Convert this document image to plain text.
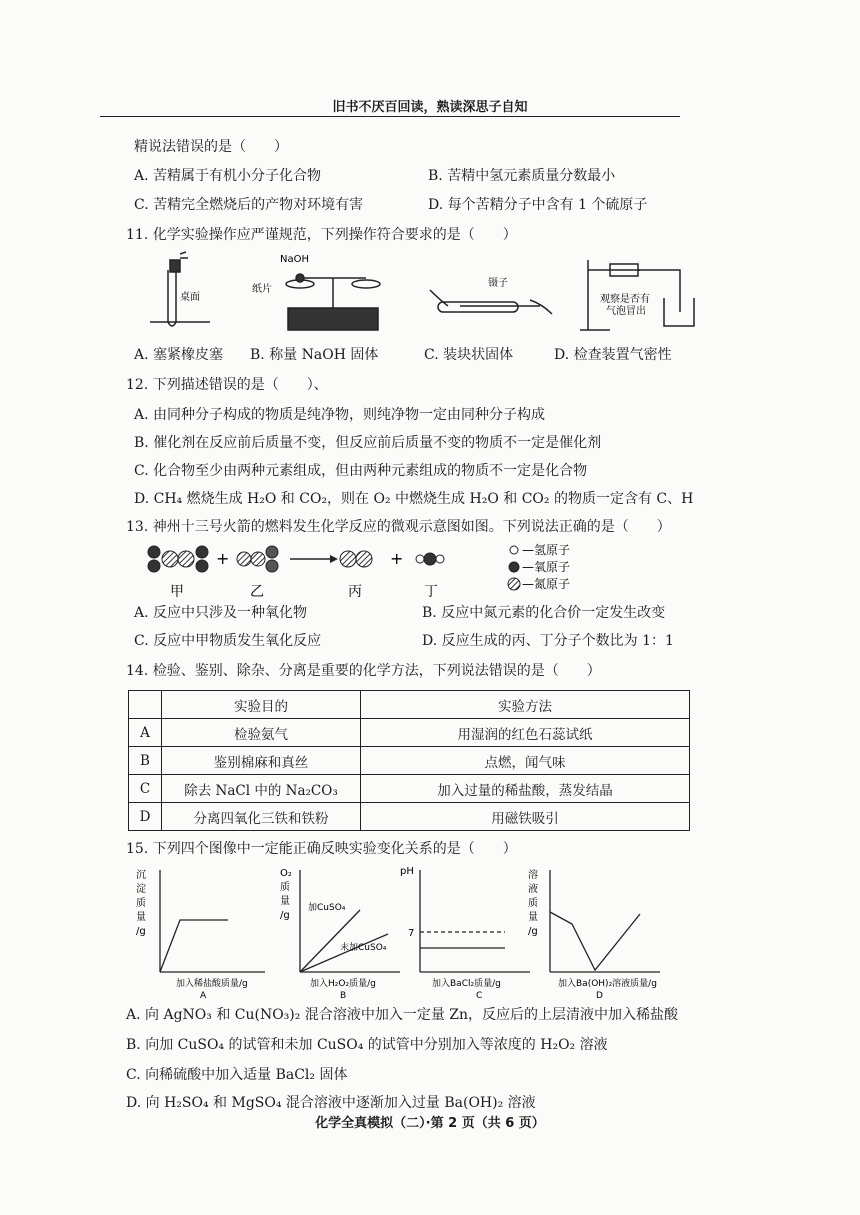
旧书不厌百回读，熟读深思子自知
精说法错误的是（　　）
A. 苦精属于有机小分子化合物	B. 苦精中氢元素质量分数最小
C. 苦精完全燃烧后的产物对环境有害	D. 每个苦精分子中含有 1 个硫原子
11. 化学实验操作应严谨规范，下列操作符合要求的是（　　）
桌面
NaOH
纸片
镊子
观察是否有
气泡冒出
A. 塞紧橡皮塞 B. 称量 NaOH 固体	C. 装块状固体	D. 检查装置气密性
12. 下列描述错误的是（　　）、
A. 由同种分子构成的物质是纯净物，则纯净物一定由同种分子构成
B. 催化剂在反应前后质量不变，但反应前后质量不变的物质不一定是催化剂
C. 化合物至少由两种元素组成，但由两种元素组成的物质不一定是化合物
D. CH₄ 燃烧生成 H₂O 和 CO₂，则在 O₂ 中燃烧生成 H₂O 和 CO₂ 的物质一定含有 C、H
13. 神州十三号火箭的燃料发生化学反应的微观示意图如图。下列说法正确的是（　　）
+	+	—氢原子
—氧原子
—氮原子
甲	乙	丙	丁
A. 反应中只涉及一种氧化物	B. 反应中氮元素的化合价一定发生改变
C. 反应中甲物质发生氧化反应	D. 反应生成的丙、丁分子个数比为 1：1
14. 检验、鉴别、除杂、分离是重要的化学方法，下列说法错误的是（　　）
	实验目的	实验方法
A	检验氨气	用湿润的红色石蕊试纸
B	鉴别棉麻和真丝	点燃，闻气味
C	除去 NaCl 中的 Na₂CO₃	加入过量的稀盐酸，蒸发结晶
D	分离四氧化三铁和铁粉	用磁铁吸引
15. 下列四个图像中一定能正确反映实验变化关系的是（　　）
沉
淀
质
量
/g
加入稀盐酸质量/g
A
O₂
质
量
/g
加CuSO₄
未加CuSO₄
加入H₂O₂质量/g
B
pH
7
加入BaCl₂质量/g
C
溶
液
质
量
/g
加入Ba(OH)₂溶液质量/g
D
A. 向 AgNO₃ 和 Cu(NO₃)₂ 混合溶液中加入一定量 Zn，反应后的上层清液中加入稀盐酸
B. 向加 CuSO₄ 的试管和未加 CuSO₄ 的试管中分别加入等浓度的 H₂O₂ 溶液
C. 向稀硫酸中加入适量 BaCl₂ 固体
D. 向 H₂SO₄ 和 MgSO₄ 混合溶液中逐渐加入过量 Ba(OH)₂ 溶液
化学全真模拟（二）·第 2 页（共 6 页）
